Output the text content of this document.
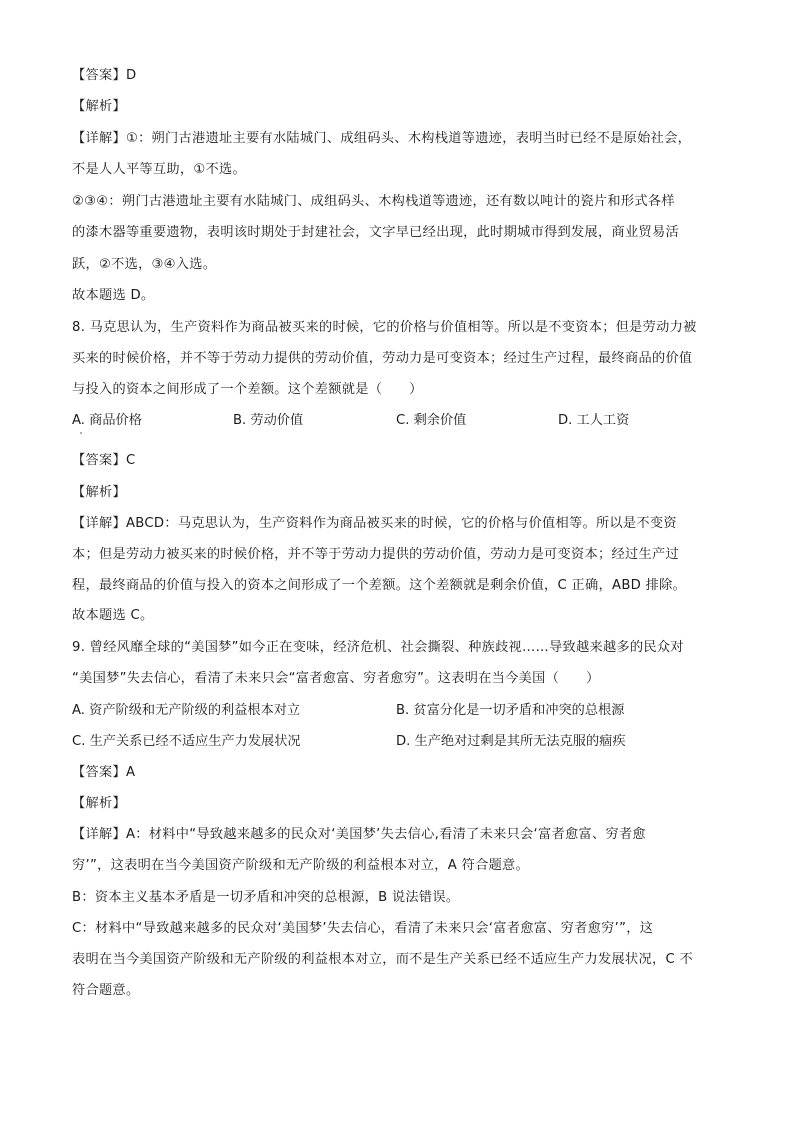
【答案】D
【解析】
【详解】①：朔门古港遗址主要有水陆城门、成组码头、木构栈道等遗迹，表明当时已经不是原始社会，
不是人人平等互助，①不选。
②③④：朔门古港遗址主要有水陆城门、成组码头、木构栈道等遗迹，还有数以吨计的瓷片和形式各样
的漆木器等重要遗物，表明该时期处于封建社会，文字早已经出现，此时期城市得到发展，商业贸易活
跃，②不选，③④入选。
故本题选 D。
8. 马克思认为，生产资料作为商品被买来的时候，它的价格与价值相等。所以是不变资本；但是劳动力被
买来的时候价格，并不等于劳动力提供的劳动价值，劳动力是可变资本；经过生产过程，最终商品的价值
与投入的资本之间形成了一个差额。这个差额就是（　　）
A. 商品价格	B. 劳动价值	C. 剩余价值	D. 工人工资
【答案】C
【解析】
【详解】ABCD：马克思认为，生产资料作为商品被买来的时候，它的价格与价值相等。所以是不变资
本；但是劳动力被买来的时候价格，并不等于劳动力提供的劳动价值，劳动力是可变资本；经过生产过
程，最终商品的价值与投入的资本之间形成了一个差额。这个差额就是剩余价值，C 正确，ABD 排除。
故本题选 C。
9. 曾经风靡全球的“美国梦”如今正在变味，经济危机、社会撕裂、种族歧视……导致越来越多的民众对
“美国梦”失去信心，看清了未来只会“富者愈富、穷者愈穷”。这表明在当今美国（　　）
A. 资产阶级和无产阶级的利益根本对立	B. 贫富分化是一切矛盾和冲突的总根源
C. 生产关系已经不适应生产力发展状况	D. 生产绝对过剩是其所无法克服的痼疾
【答案】A
【解析】
【详解】A：材料中“导致越来越多的民众对‘美国梦’失去信心,看清了未来只会‘富者愈富、穷者愈
穷’”，这表明在当今美国资产阶级和无产阶级的利益根本对立，A 符合题意。
B：资本主义基本矛盾是一切矛盾和冲突的总根源，B 说法错误。
C：材料中“导致越来越多的民众对‘美国梦’失去信心，看清了未来只会‘富者愈富、穷者愈穷’”，这
表明在当今美国资产阶级和无产阶级的利益根本对立，而不是生产关系已经不适应生产力发展状况，C 不
符合题意。
